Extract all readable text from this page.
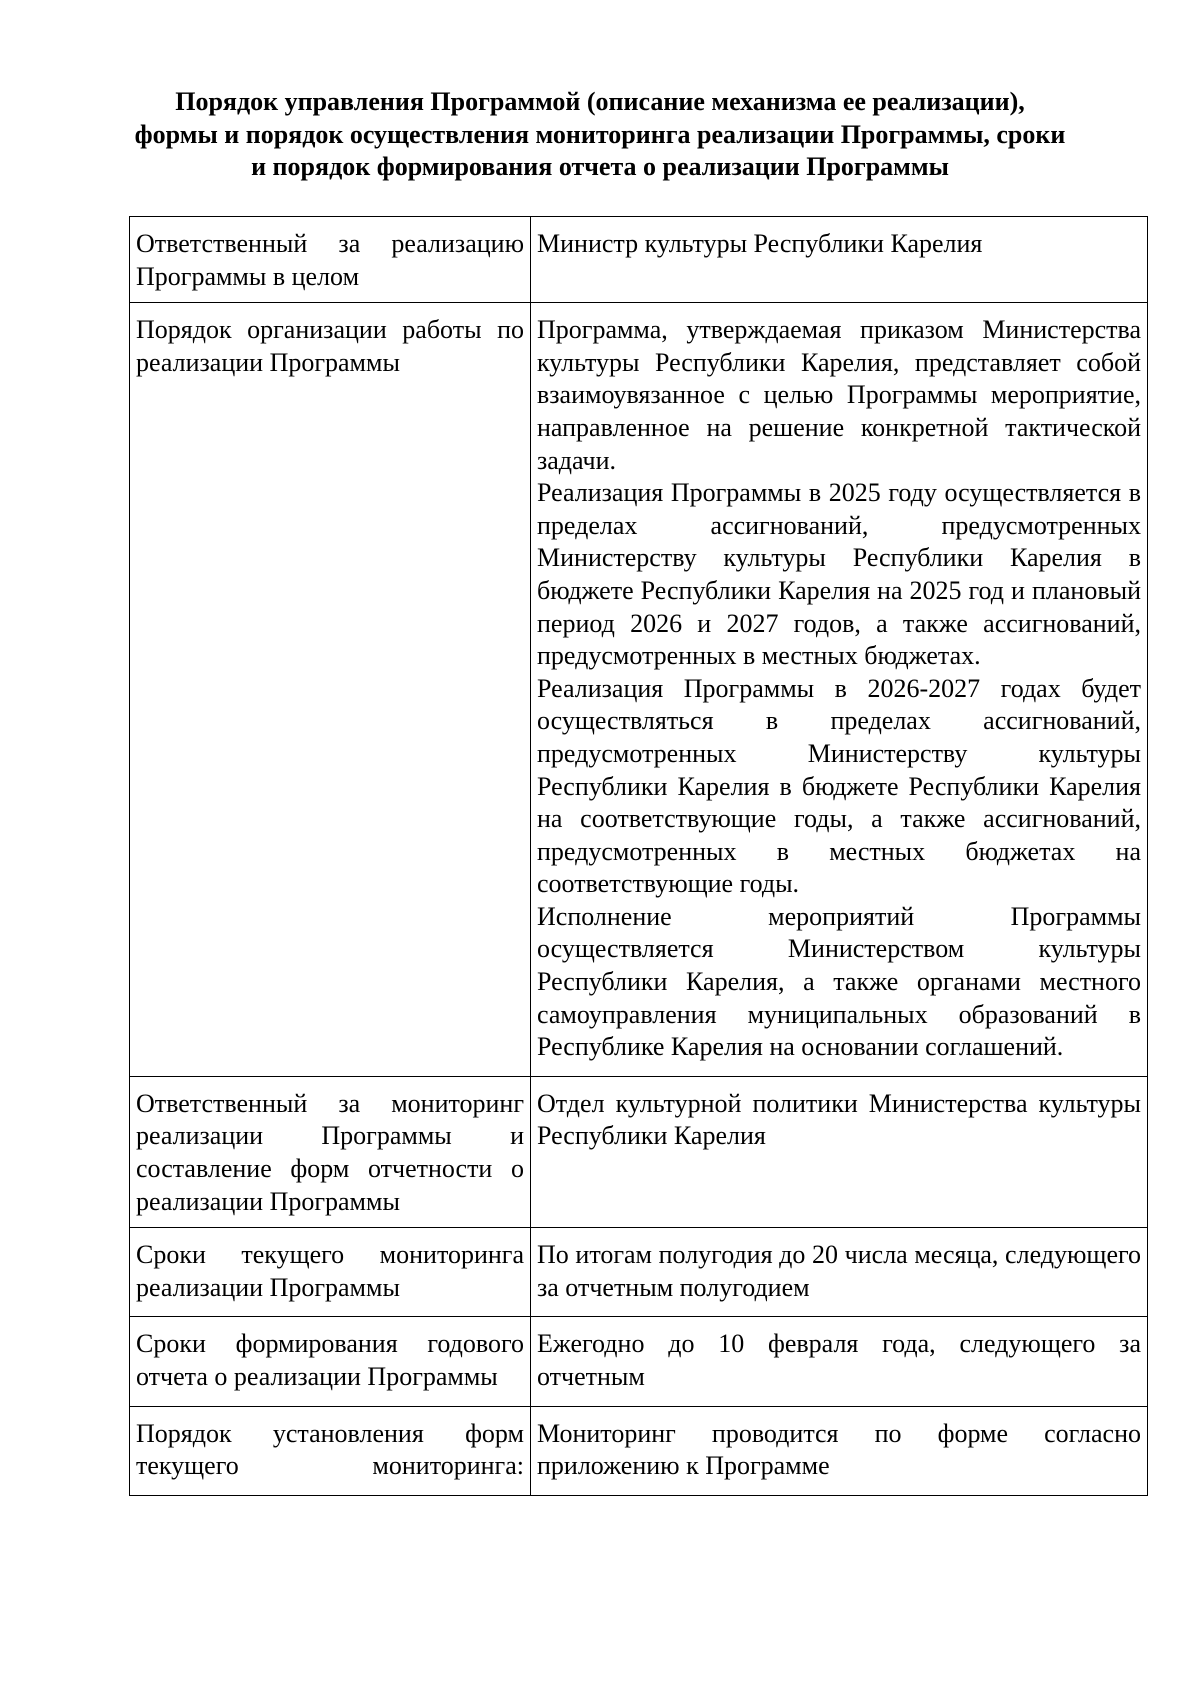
Порядок управления Программой (описание механизма ее реализации),
формы и порядок осуществления мониторинга реализации Программы, сроки
и порядок формирования отчета о реализации Программы
Ответственный за реализацию Программы в целом	Министр культуры Республики Карелия

Порядок организации работы по реализации Программы	Программа, утверждаемая приказом Министерства культуры Республики Карелия, представляет собой взаимоувязанное с целью Программы мероприятие, направленное на решение конкретной тактической задачи.
Реализация Программы в 2025 году осуществляется в пределах ассигнований, предусмотренных Министерству культуры Республики Карелия в бюджете Республики Карелия на 2025 год и плановый период 2026 и 2027 годов, а также ассигнований, предусмотренных в местных бюджетах.
Реализация Программы в 2026-2027 годах будет осуществляться в пределах ассигнований, предусмотренных Министерству культуры Республики Карелия в бюджете Республики Карелия на соответствующие годы, а также ассигнований, предусмотренных в местных бюджетах на соответствующие годы.
Исполнение мероприятий Программы осуществляется Министерством культуры Республики Карелия, а также органами местного самоуправления муниципальных образований в Республике Карелия на основании соглашений.

Ответственный за мониторинг реализации Программы и составление форм отчетности о реализации Программы	Отдел культурной политики Министерства культуры Республики Карелия

Сроки текущего мониторинга реализации Программы	По итогам полугодия до 20 числа месяца, следующего за отчетным полугодием

Сроки формирования годового отчета о реализации Программы	Ежегодно до 10 февраля года, следующего за отчетным

Порядок установления форм текущего мониторинга:	Мониторинг проводится по форме согласно приложению к Программе
